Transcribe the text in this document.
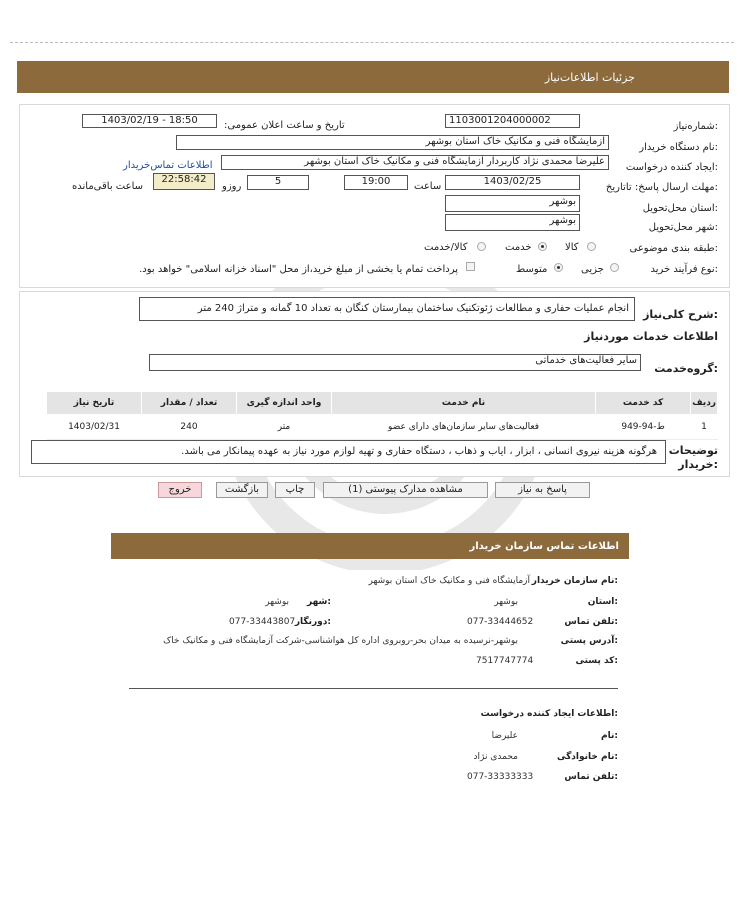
جزئیات اطلاعات‌نیاز
شماره‌نیاز:
1103001204000002
تاریخ و ساعت اعلان عمومی:
1403/02/19 - 18:50
نام دستگاه خریدار:
آزمایشگاه فنی و مکانیک خاک استان بوشهر
ایجاد کننده درخواست:
علیرضا محمدی نژاد کاربردار آزمایشگاه فنی و مکانیک خاک استان بوشهر
اطلاعات تماس‌خریدار
مهلت ارسال پاسخ: تاتاریخ:
1403/02/25
ساعت
19:00
5
روزو
22:58:42
ساعت باقی‌مانده
استان محل‌تحویل:
بوشهر
شهر محل‌تحویل:
بوشهر
طبقه بندی موضوعی:
کالا
خدمت
کالا/خدمت
نوع فرآیند خرید:
جزیی
متوسط
پرداخت تمام یا بخشی از مبلغ خرید،از محل "اسناد خزانه اسلامی" خواهد بود.
شرح کلی‌نیاز:
انجام عملیات حفاری و مطالعات ژئوتکنیک ساختمان بیمارستان کنگان به تعداد 10 گمانه و متراژ 240 متر
اطلاعات خدمات موردنیاز
گروه‌خدمت:
سایر فعالیت‌های خدماتی
ردیف	کد خدمت	نام خدمت	واحد اندازه گیری	تعداد / مقدار	تاریخ نیاز
1	ط-94-949	فعالیت‌های سایر سازمان‌های دارای عضو	متر	240	1403/02/31
توضیحات
خریدار:
هرگونه هزینه نیروی انسانی ، ابزار ، ایاب و ذهاب ، دستگاه حفاری و تهیه لوازم مورد نیاز به عهده پیمانکار می باشد.
پاسخ به نیاز
مشاهده مدارک پیوستی (1)
چاپ
بازگشت
خروج
اطلاعات تماس سازمان خریدار
نام سازمان خریدار:
آزمایشگاه فنی و مکانیک خاک استان بوشهر
استان:
بوشهر
شهر:
بوشهر
تلفن تماس:
077-33444652
دورنگار:
077-33443807
آدرس پستی:
بوشهر-نرسیده به میدان بحر-روبروی اداره کل هواشناسی-شرکت آزمایشگاه فنی و مکانیک خاک
کد پستی:
7517747774
اطلاعات ایجاد کننده درخواست:
نام:
علیرضا
نام خانوادگی:
محمدی نژاد
تلفن تماس:
077-33333333
